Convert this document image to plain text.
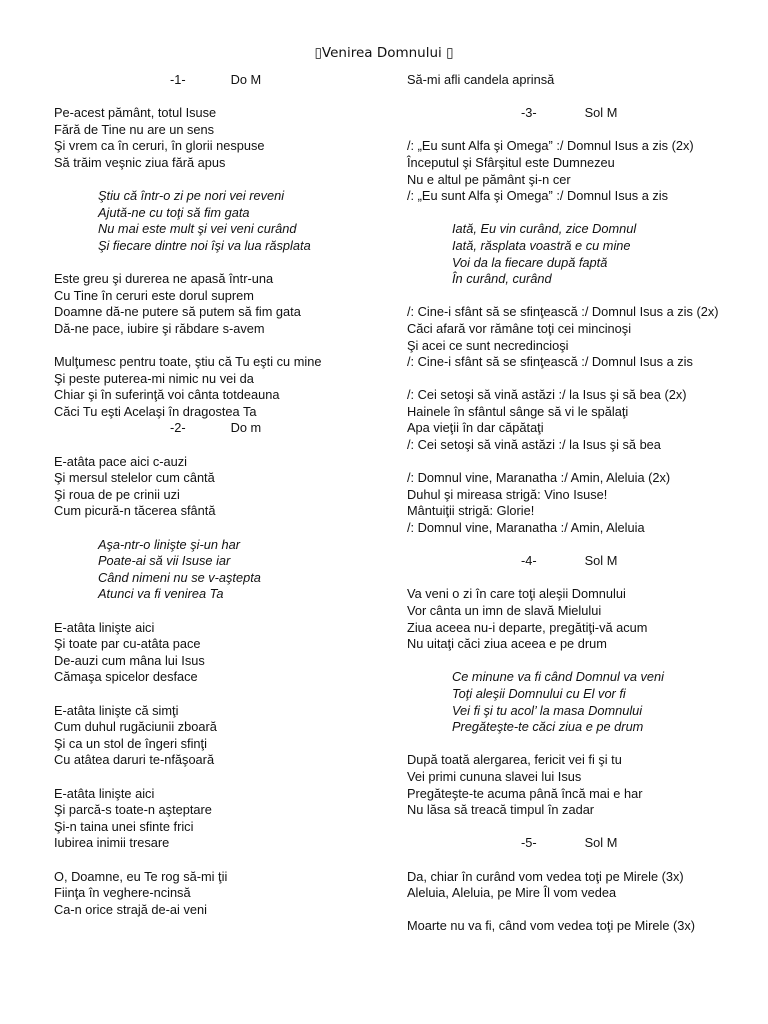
▯Venirea Domnului ▯
-1-	Do M
Pe-acest pământ, totul Isuse
Fără de Tine nu are un sens
Şi vrem ca în ceruri, în glorii nespuse
Să trăim veşnic ziua fără apus
Ştiu că într-o zi pe nori vei reveni
Ajută-ne cu toţi să fim gata
Nu mai este mult şi vei veni curând
Şi fiecare dintre noi îşi va lua răsplata
Este greu şi durerea ne apasă într-una
Cu Tine în ceruri este dorul suprem
Doamne dă-ne putere să putem să fim gata
Dă-ne pace, iubire şi răbdare s-avem
Mulţumesc pentru toate, ştiu că Tu eşti cu mine
Şi peste puterea-mi nimic nu vei da
Chiar şi în suferinţă voi cânta totdeauna
Căci Tu eşti Acelaşi în dragostea Ta
-2-	Do m
E-atâta pace aici c-auzi
Şi mersul stelelor cum cântă
Şi roua de pe crinii uzi
Cum picură-n tăcerea sfântă
Aşa-ntr-o linişte şi-un har
Poate-ai să vii Isuse iar
Când nimeni nu se v-aştepta
Atunci va fi venirea Ta
E-atâta linişte aici
Şi toate par cu-atâta pace
De-auzi cum mâna lui Isus
Cămaşa spicelor desface
E-atâta linişte că simţi
Cum duhul rugăciunii zboară
Şi ca un stol de îngeri sfinţi
Cu atâtea daruri te-nfăşoară
E-atâta linişte aici
Şi parcă-s toate-n aşteptare
Şi-n taina unei sfinte frici
Iubirea inimii tresare
O, Doamne, eu Te rog să-mi ţii
Fiinţa în veghere-ncinsă
Ca-n orice strajă de-ai veni
Să-mi afli candela aprinsă
-3-	Sol M
/: „Eu sunt Alfa şi Omega” :/ Domnul Isus a zis (2x)
Începutul şi Sfârşitul este Dumnezeu
Nu e altul pe pământ şi-n cer
/: „Eu sunt Alfa şi Omega” :/ Domnul Isus a zis
Iată, Eu vin curând, zice Domnul
Iată, răsplata voastră e cu mine
Voi da la fiecare după faptă
În curând, curând
/: Cine-i sfânt să se sfinţească :/ Domnul Isus a zis (2x)
Căci afară vor rămâne toţi cei mincinoşi
Şi acei ce sunt necredincioşi
/: Cine-i sfânt să se sfinţească :/ Domnul Isus a zis
/: Cei setoşi să vină astăzi :/ la Isus şi să bea (2x)
Hainele în sfântul sânge să vi le spălaţi
Apa vieţii în dar căpătaţi
/: Cei setoşi să vină astăzi :/ la Isus şi să bea
/: Domnul vine, Maranatha :/ Amin, Aleluia (2x)
Duhul şi mireasa strigă: Vino Isuse!
Mântuiţii strigă: Glorie!
/: Domnul vine, Maranatha :/ Amin, Aleluia
-4-	Sol M
Va veni o zi în care toţi aleşii Domnului
Vor cânta un imn de slavă Mielului
Ziua aceea nu-i departe, pregătiţi-vă acum
Nu uitaţi căci ziua aceea e pe drum
Ce minune va fi când Domnul va veni
Toţi aleşii Domnului cu El vor fi
Vei fi şi tu acol’ la masa Domnului
Pregăteşte-te căci ziua e pe drum
După toată alergarea, fericit vei fi şi tu
Vei primi cununa slavei lui Isus
Pregăteşte-te acuma până încă mai e har
Nu lăsa să treacă timpul în zadar
-5-	Sol M
Da, chiar în curând vom vedea toţi pe Mirele (3x)
Aleluia, Aleluia, pe Mire Îl vom vedea
Moarte nu va fi, când vom vedea toţi pe Mirele (3x)
